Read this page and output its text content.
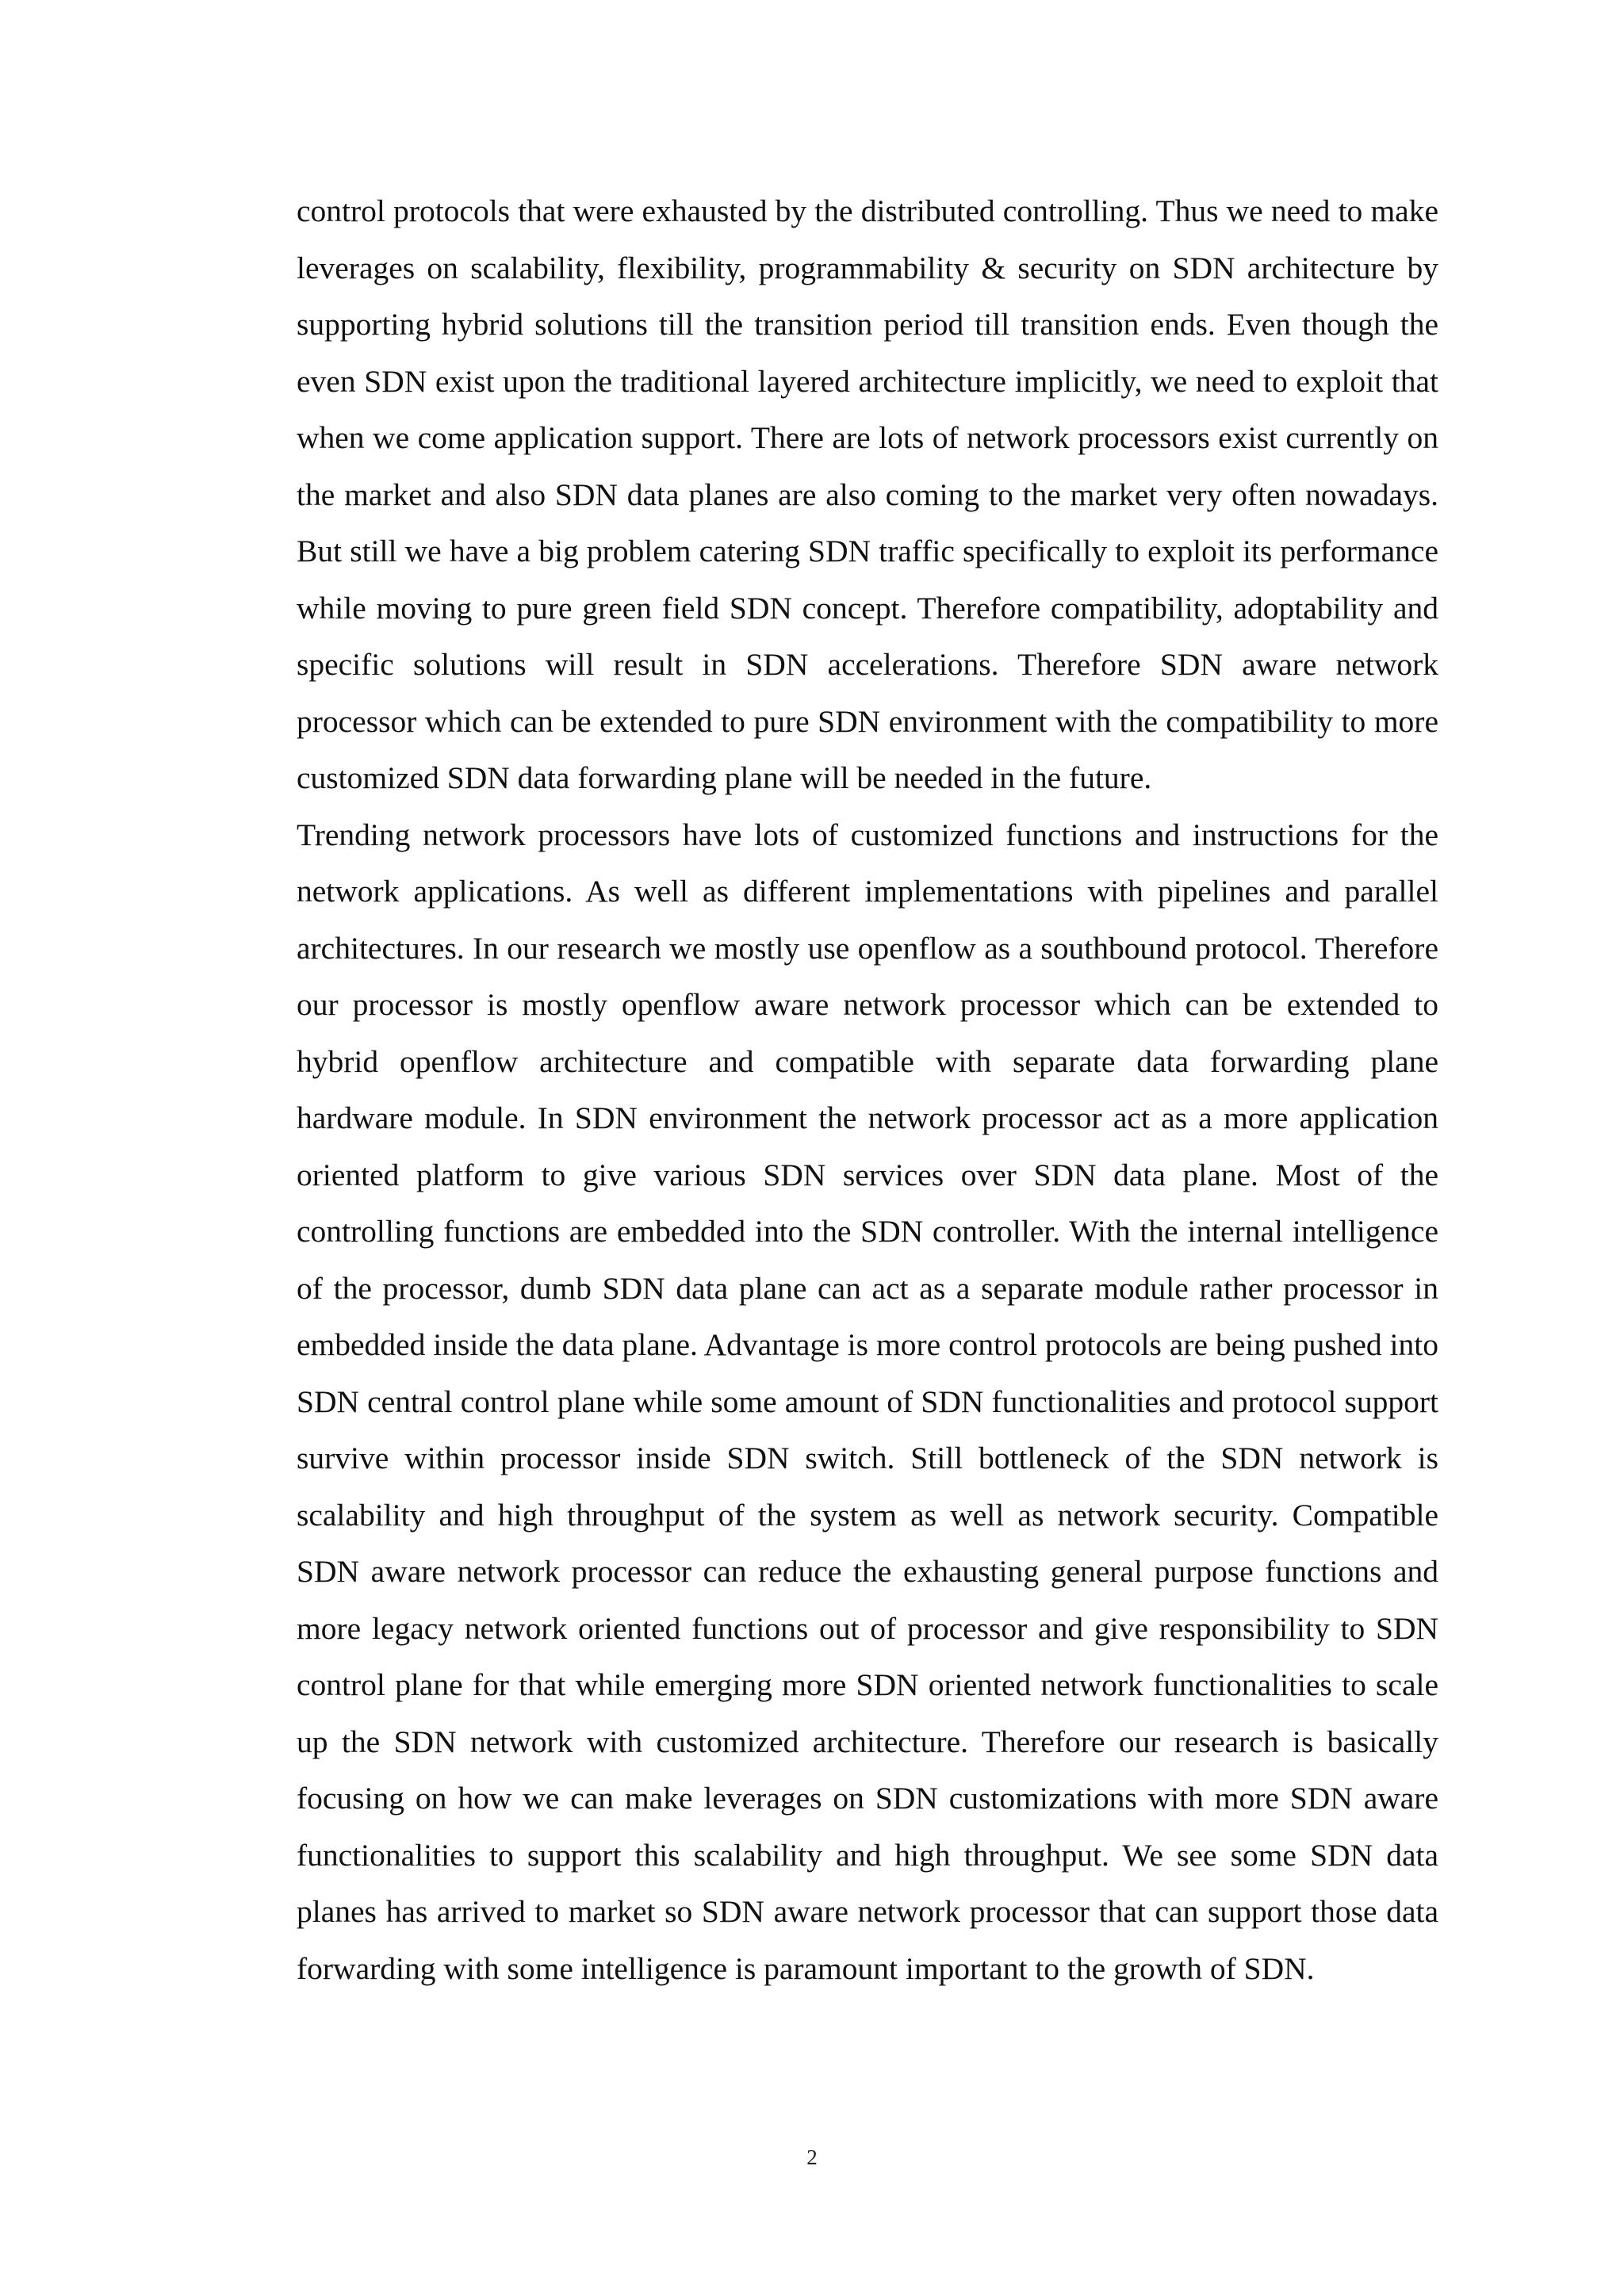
control protocols that were exhausted by the distributed controlling. Thus we need to make leverages on scalability, flexibility, programmability & security on SDN architecture by supporting hybrid solutions till the transition period till transition ends. Even though the even SDN exist upon the traditional layered architecture implicitly, we need to exploit that when we come application support. There are lots of network processors exist currently on the market and also SDN data planes are also coming to the market very often nowadays. But still we have a big problem catering SDN traffic specifically to exploit its performance while moving to pure green field SDN concept. Therefore compatibility, adoptability and specific solutions will result in SDN accelerations. Therefore SDN aware network processor which can be extended to pure SDN environment with the compatibility to more customized SDN data forwarding plane will be needed in the future.

Trending network processors have lots of customized functions and instructions for the network applications. As well as different implementations with pipelines and parallel architectures. In our research we mostly use openflow as a southbound protocol. Therefore our processor is mostly openflow aware network processor which can be extended to hybrid openflow architecture and compatible with separate data forwarding plane hardware module. In SDN environment the network processor act as a more application oriented platform to give various SDN services over SDN data plane. Most of the controlling functions are embedded into the SDN controller. With the internal intelligence of the processor, dumb SDN data plane can act as a separate module rather processor in embedded inside the data plane. Advantage is more control protocols are being pushed into SDN central control plane while some amount of SDN functionalities and protocol support survive within processor inside SDN switch. Still bottleneck of the SDN network is scalability and high throughput of the system as well as network security. Compatible SDN aware network processor can reduce the exhausting general purpose functions and more legacy network oriented functions out of processor and give responsibility to SDN control plane for that while emerging more SDN oriented network functionalities to scale up the SDN network with customized architecture. Therefore our research is basically focusing on how we can make leverages on SDN customizations with more SDN aware functionalities to support this scalability and high throughput. We see some SDN data planes has arrived to market so SDN aware network processor that can support those data forwarding with some intelligence is paramount important to the growth of SDN.

2
